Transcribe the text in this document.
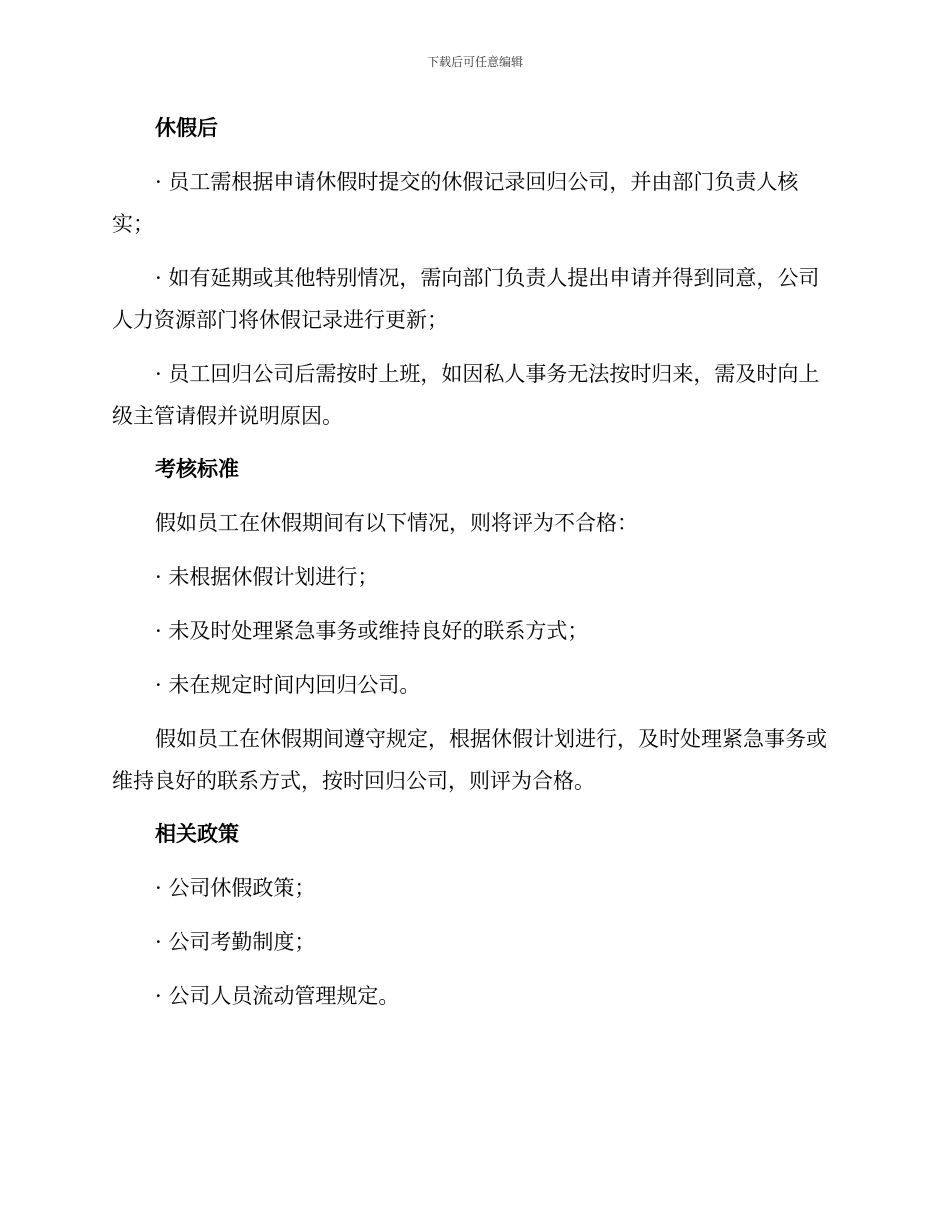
下载后可任意编辑
休假后

· 员工需根据申请休假时提交的休假记录回归公司，并由部门负责人核实；

· 如有延期或其他特别情况，需向部门负责人提出申请并得到同意，公司人力资源部门将休假记录进行更新；

· 员工回归公司后需按时上班，如因私人事务无法按时归来，需及时向上级主管请假并说明原因。

考核标准

假如员工在休假期间有以下情况，则将评为不合格：

· 未根据休假计划进行；

· 未及时处理紧急事务或维持良好的联系方式；

· 未在规定时间内回归公司。

假如员工在休假期间遵守规定，根据休假计划进行，及时处理紧急事务或维持良好的联系方式，按时回归公司，则评为合格。

相关政策

· 公司休假政策；

· 公司考勤制度；

· 公司人员流动管理规定。
